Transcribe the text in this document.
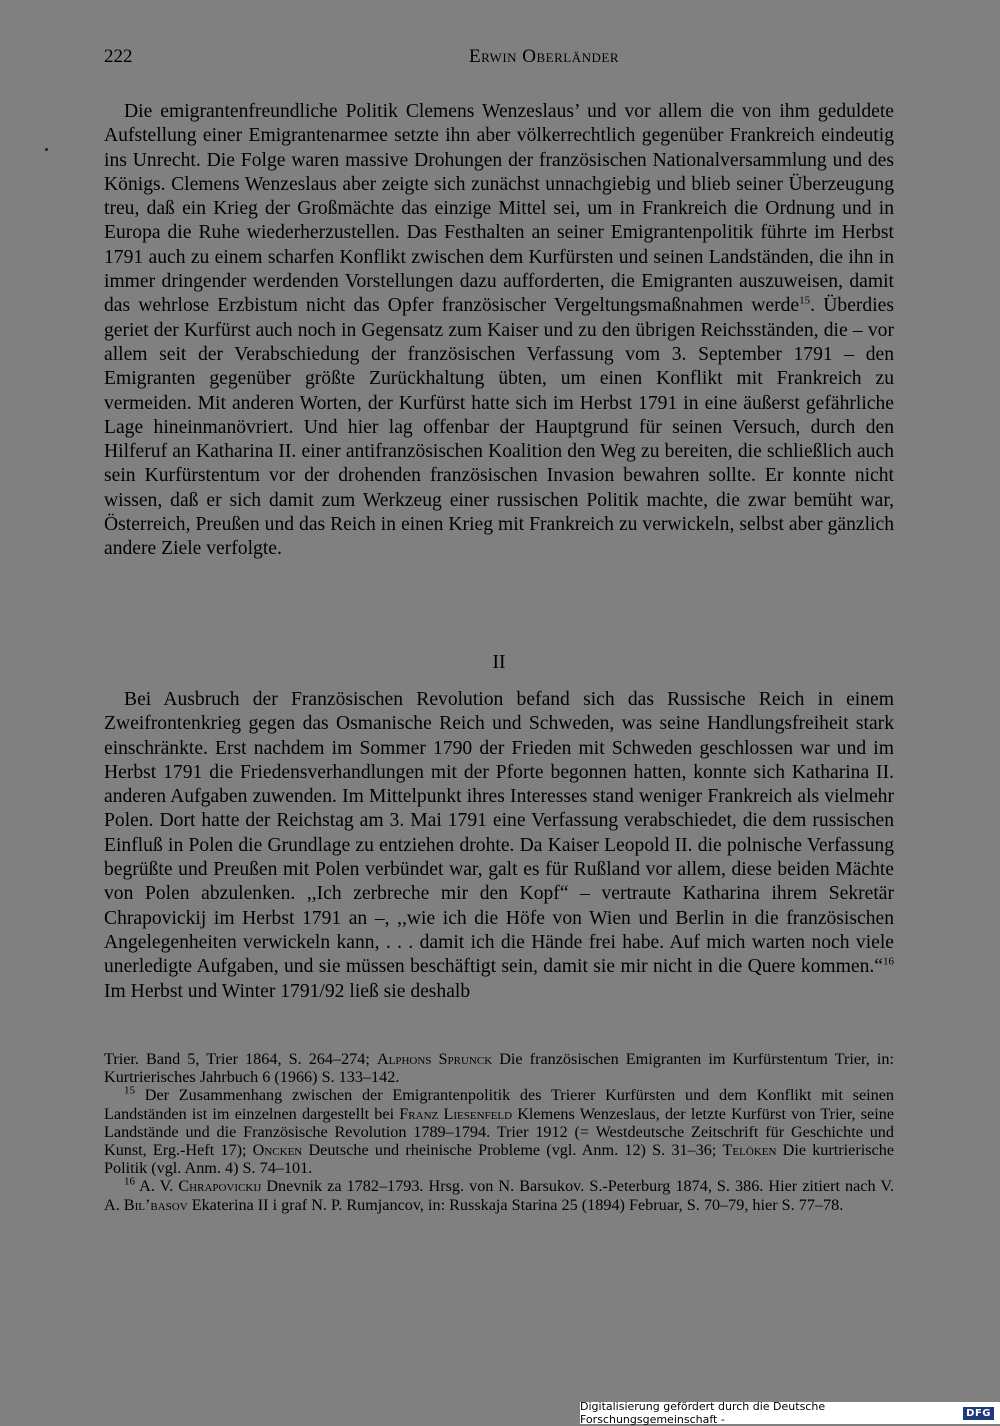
222	Erwin Oberländer

Die emigrantenfreundliche Politik Clemens Wenzeslaus’ und vor allem die von ihm geduldete Aufstellung einer Emigrantenarmee setzte ihn aber völkerrechtlich gegenüber Frankreich eindeutig ins Unrecht. Die Folge waren massive Drohungen der französischen Nationalversammlung und des Königs. Clemens Wenzeslaus aber zeigte sich zunächst unnachgiebig und blieb seiner Überzeugung treu, daß ein Krieg der Großmächte das einzige Mittel sei, um in Frankreich die Ordnung und in Europa die Ruhe wiederherzustellen. Das Festhalten an seiner Emigrantenpolitik führte im Herbst 1791 auch zu einem scharfen Konflikt zwischen dem Kurfürsten und seinen Landständen, die ihn in immer dringender werdenden Vorstellungen dazu aufforderten, die Emigranten auszuweisen, damit das wehrlose Erzbistum nicht das Opfer französischer Vergeltungsmaßnahmen werde$^{15}$. Überdies geriet der Kurfürst auch noch in Gegensatz zum Kaiser und zu den übrigen Reichsständen, die – vor allem seit der Verabschiedung der französischen Verfassung vom 3. September 1791 – den Emigranten gegenüber größte Zurückhaltung übten, um einen Konflikt mit Frankreich zu vermeiden. Mit anderen Worten, der Kurfürst hatte sich im Herbst 1791 in eine äußerst gefährliche Lage hineinmanövriert. Und hier lag offenbar der Hauptgrund für seinen Versuch, durch den Hilferuf an Katharina II. einer antifranzösischen Koalition den Weg zu bereiten, die schließlich auch sein Kurfürstentum vor der drohenden französischen Invasion bewahren sollte. Er konnte nicht wissen, daß er sich damit zum Werkzeug einer russischen Politik machte, die zwar bemüht war, Österreich, Preußen und das Reich in einen Krieg mit Frankreich zu verwickeln, selbst aber gänzlich andere Ziele verfolgte.

II

Bei Ausbruch der Französischen Revolution befand sich das Russische Reich in einem Zweifrontenkrieg gegen das Osmanische Reich und Schweden, was seine Handlungsfreiheit stark einschränkte. Erst nachdem im Sommer 1790 der Frieden mit Schweden geschlossen war und im Herbst 1791 die Friedensverhandlungen mit der Pforte begonnen hatten, konnte sich Katharina II. anderen Aufgaben zuwenden. Im Mittelpunkt ihres Interesses stand weniger Frankreich als vielmehr Polen. Dort hatte der Reichstag am 3. Mai 1791 eine Verfassung verabschiedet, die dem russischen Einfluß in Polen die Grundlage zu entziehen drohte. Da Kaiser Leopold II. die polnische Verfassung begrüßte und Preußen mit Polen verbündet war, galt es für Rußland vor allem, diese beiden Mächte von Polen abzulenken. ,,Ich zerbreche mir den Kopf“ – vertraute Katharina ihrem Sekretär Chrapovickij im Herbst 1791 an –, ,,wie ich die Höfe von Wien und Berlin in die französischen Angelegenheiten verwickeln kann, . . . damit ich die Hände frei habe. Auf mich warten noch viele unerledigte Aufgaben, und sie müssen beschäftigt sein, damit sie mir nicht in die Quere kommen.“$^{16}$ Im Herbst und Winter 1791/92 ließ sie deshalb

Trier. Band 5, Trier 1864, S. 264–274; Alphons Sprunck Die französischen Emigranten im Kurfürstentum Trier, in: Kurtrierisches Jahrbuch 6 (1966) S. 133–142.

$^{15}$ Der Zusammenhang zwischen der Emigrantenpolitik des Trierer Kurfürsten und dem Konflikt mit seinen Landständen ist im einzelnen dargestellt bei Franz Liesenfeld Klemens Wenzeslaus, der letzte Kurfürst von Trier, seine Landstände und die Französische Revolution 1789–1794. Trier 1912 (= Westdeutsche Zeitschrift für Geschichte und Kunst, Erg.-Heft 17); Oncken Deutsche und rheinische Probleme (vgl. Anm. 12) S. 31–36; Telöken Die kurtrierische Politik (vgl. Anm. 4) S. 74–101.

$^{16}$ A. V. Chrapovickij Dnevnik za 1782–1793. Hrsg. von N. Barsukov. S.-Peterburg 1874, S. 386. Hier zitiert nach V. A. Bil’basov Ekaterina II i graf N. P. Rumjancov, in: Russkaja Starina 25 (1894) Februar, S. 70–79, hier S. 77–78.

Digitalisierung gefördert durch die Deutsche Forschungsgemeinschaft -	DFG
